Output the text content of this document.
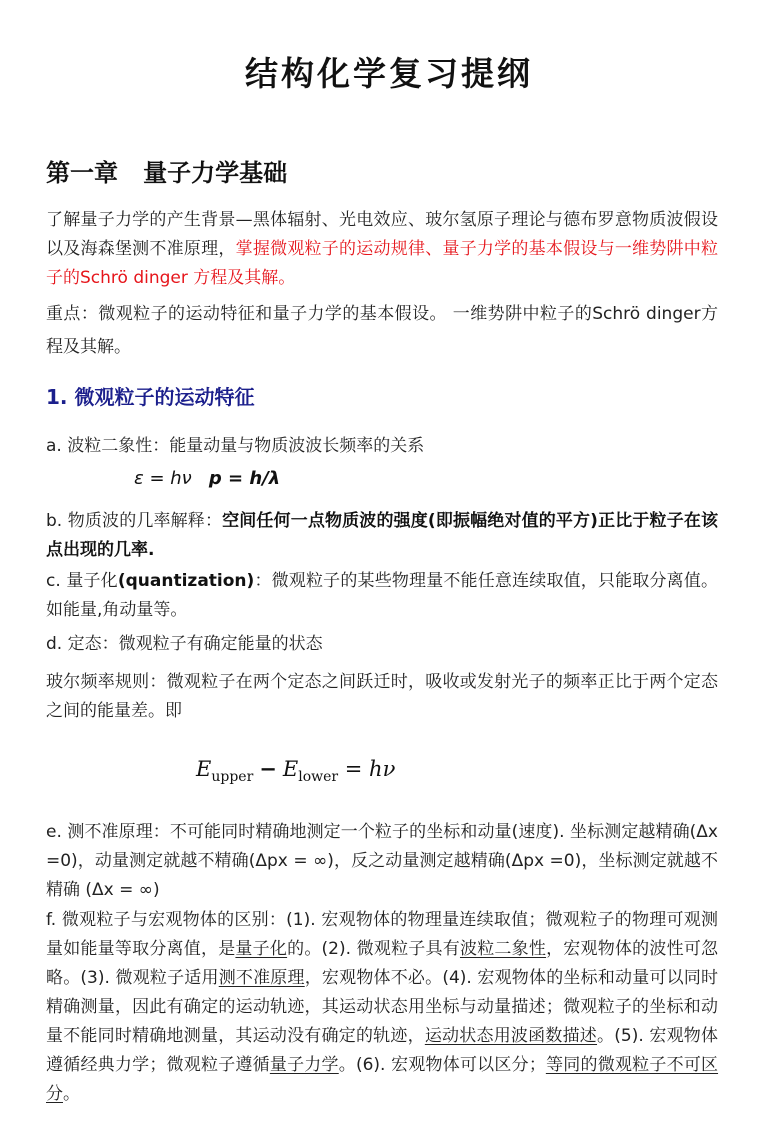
结构化学复习提纲
第一章 量子力学基础
了解量子力学的产生背景—黑体辐射、光电效应、玻尔氢原子理论与德布罗意物质波假设以及海森堡测不准原理，掌握微观粒子的运动规律、量子力学的基本假设与一维势阱中粒子的Schrö dinger 方程及其解。
重点：微观粒子的运动特征和量子力学的基本假设。 一维势阱中粒子的Schrö dinger方程及其解。
1. 微观粒子的运动特征
a. 波粒二象性：能量动量与物质波波长频率的关系
ε = hν p = h/λ
b. 物质波的几率解释：空间任何一点物质波的强度(即振幅绝对值的平方)正比于粒子在该点出现的几率.
c. 量子化(quantization)：微观粒子的某些物理量不能任意连续取值，只能取分离值。如能量,角动量等。
d. 定态：微观粒子有确定能量的状态
玻尔频率规则：微观粒子在两个定态之间跃迁时，吸收或发射光子的频率正比于两个定态之间的能量差。即
$E_{upper} - E_{lower} = h\nu$
e. 测不准原理：不可能同时精确地测定一个粒子的坐标和动量(速度). 坐标测定越精确(Δx =0)，动量测定就越不精确(Δpx = ∞)，反之动量测定越精确(Δpx =0)，坐标测定就越不精确 (Δx = ∞)
f. 微观粒子与宏观物体的区别：(1). 宏观物体的物理量连续取值；微观粒子的物理可观测量如能量等取分离值，是量子化的。(2). 微观粒子具有波粒二象性，宏观物体的波性可忽略。(3). 微观粒子适用测不准原理，宏观物体不必。(4). 宏观物体的坐标和动量可以同时精确测量，因此有确定的运动轨迹，其运动状态用坐标与动量描述；微观粒子的坐标和动量不能同时精确地测量，其运动没有确定的轨迹，运动状态用波函数描述。(5). 宏观物体遵循经典力学；微观粒子遵循量子力学。(6). 宏观物体可以区分；等同的微观粒子不可区分。
